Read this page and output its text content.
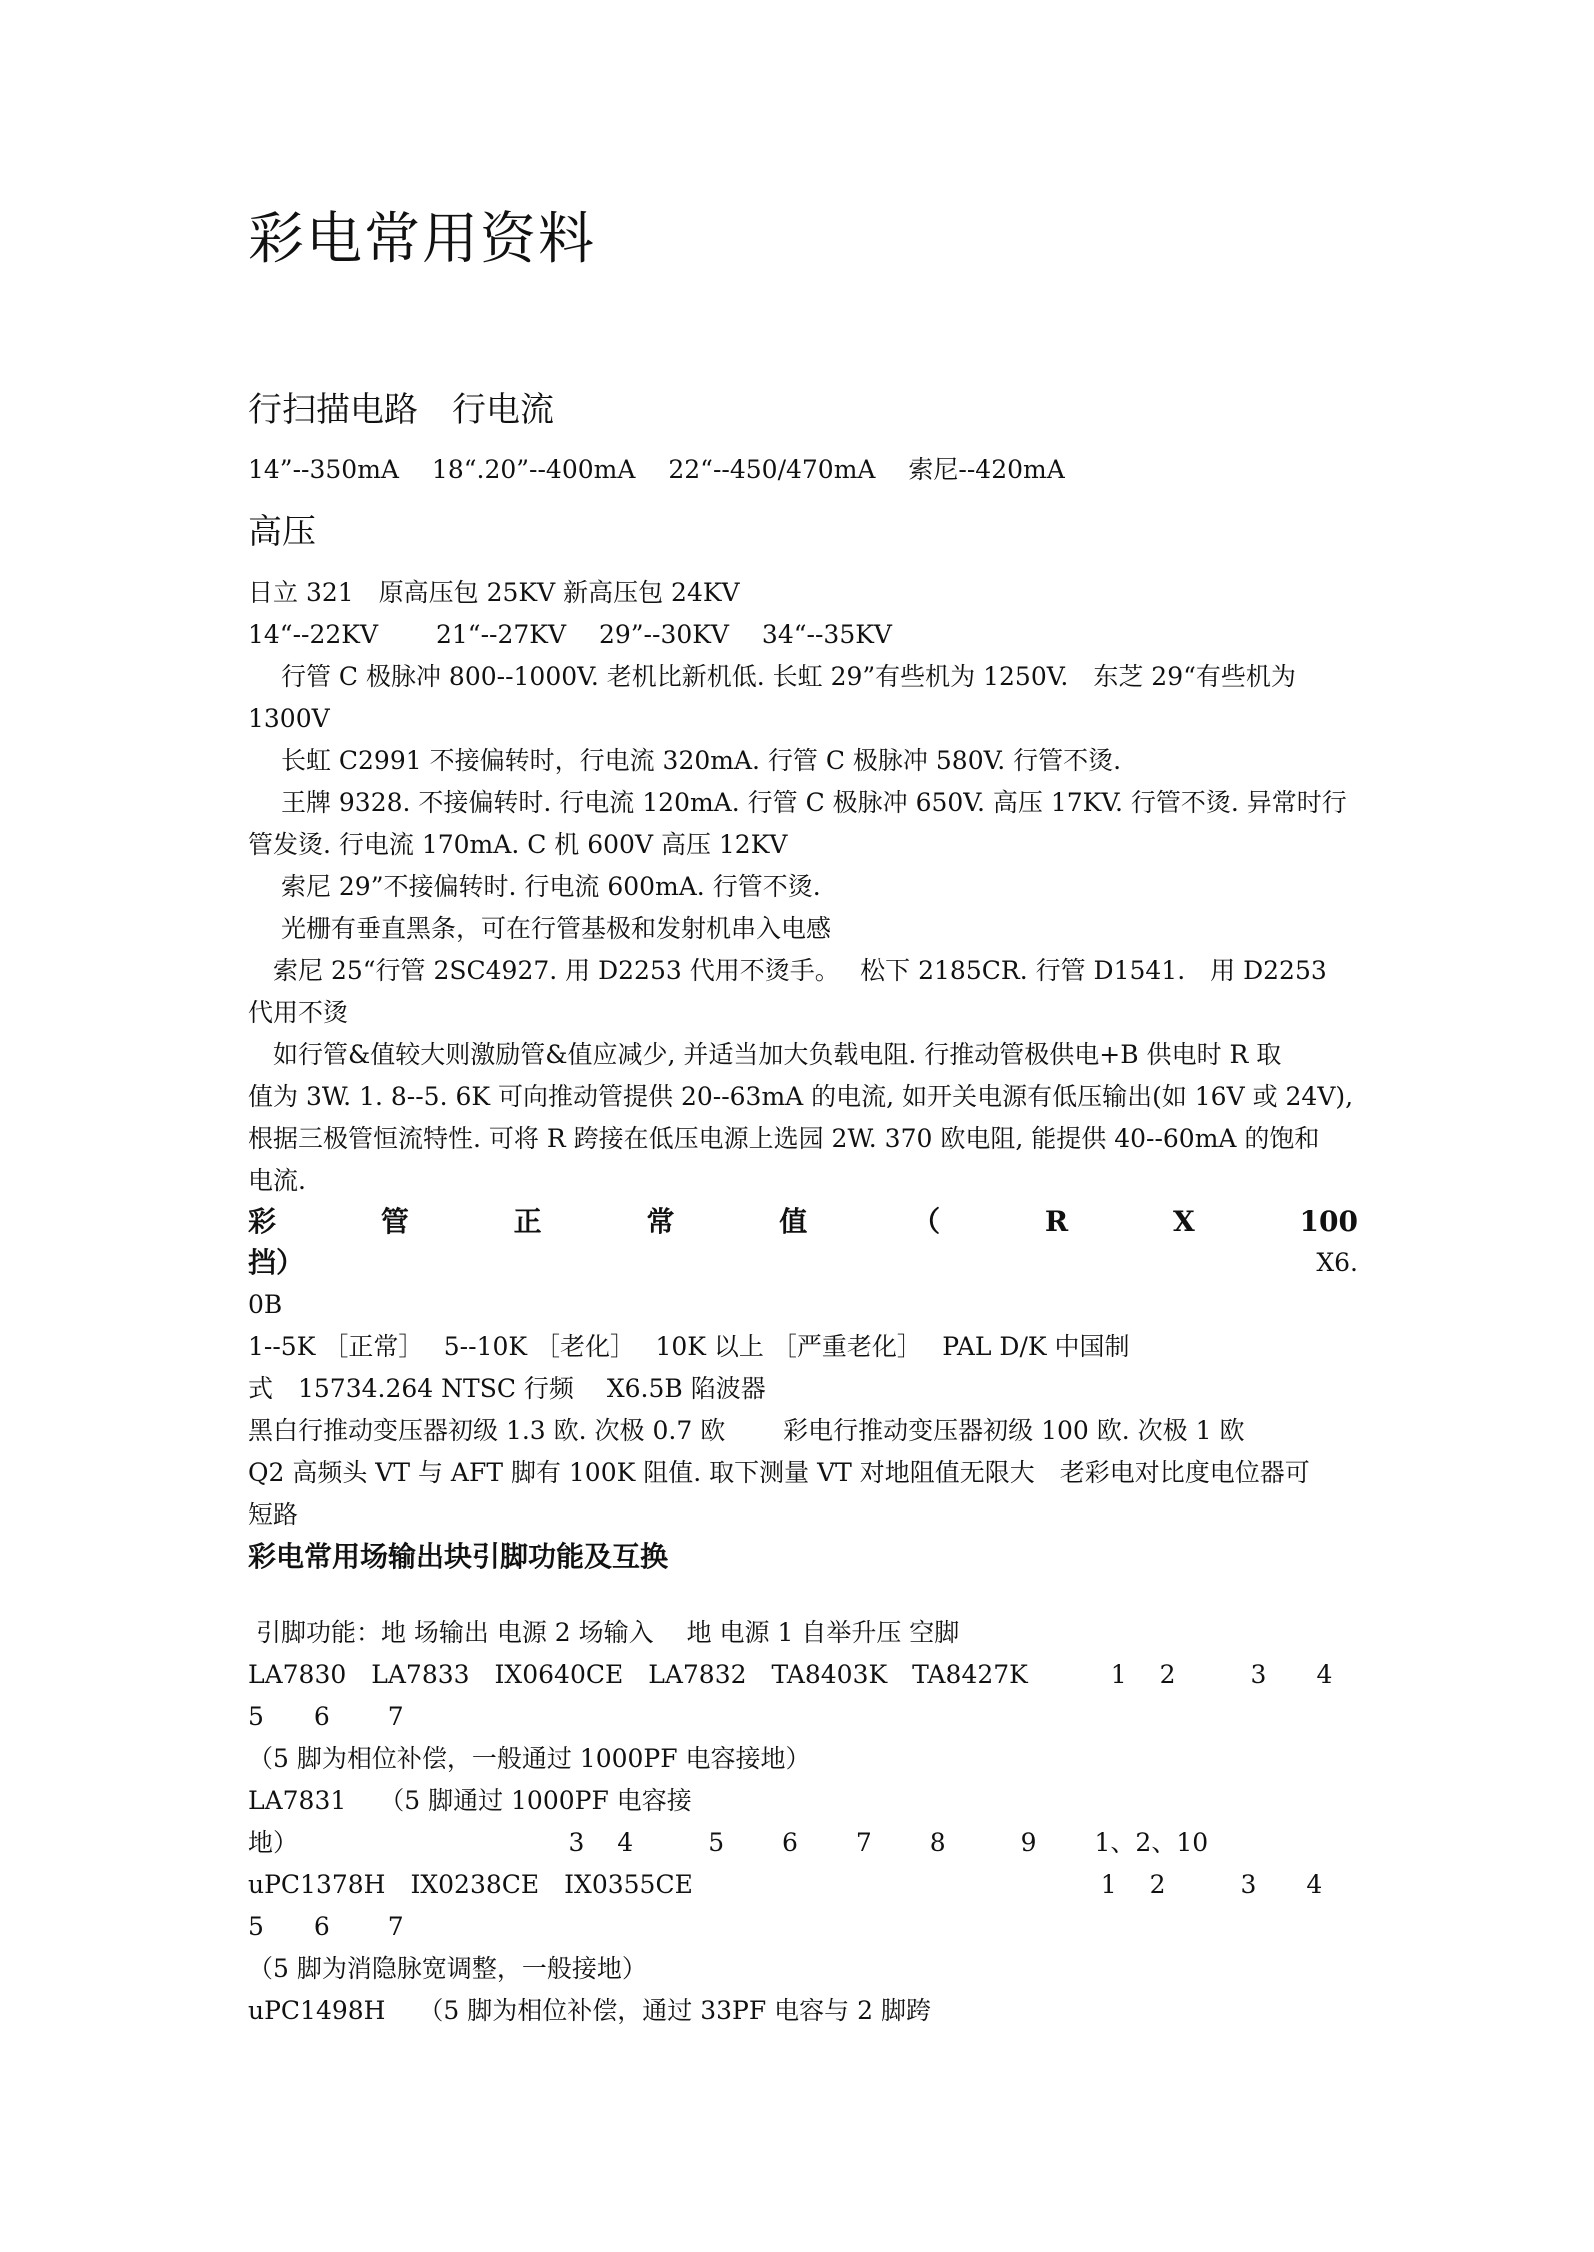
彩电常用资料
行扫描电路　行电流
14”--350mA　 18“.20”--400mA　 22“--450/470mA　 索尼--420mA
高压
日立 321　原高压包 25KV 新高压包 24KV
14“--22KV　　 21“--27KV　 29”--30KV　 34“--35KV
　 行管 C 极脉冲 800--1000V. 老机比新机低. 长虹 29”有些机为 1250V.　东芝 29“有些机为
1300V
　 长虹 C2991 不接偏转时，行电流 320mA. 行管 C 极脉冲 580V. 行管不烫.
　 王牌 9328. 不接偏转时. 行电流 120mA. 行管 C 极脉冲 650V. 高压 17KV. 行管不烫. 异常时行
管发烫. 行电流 170mA. C 机 600V 高压 12KV
　 索尼 29”不接偏转时. 行电流 600mA. 行管不烫.
　 光栅有垂直黑条，可在行管基极和发射机串入电感
　索尼 25“行管 2SC4927. 用 D2253 代用不烫手。　 松下 2185CR. 行管 D1541.　用 D2253
代用不烫
　如行管&值较大则激励管&值应减少, 并适当加大负载电阻. 行推动管极供电+B 供电时 R 取
值为 3W. 1. 8--5. 6K 可向推动管提供 20--63mA 的电流, 如开关电源有低压输出(如 16V 或 24V),
根据三极管恒流特性. 可将 R 跨接在低压电源上选园 2W. 370 欧电阻, 能提供 40--60mA 的饱和
电流.
彩	管	正	常	值	（	R	X	100
挡）	X6.
0B
1--5K ［正常］　 5--10K ［老化］　 10K 以上 ［严重老化］　 PAL D/K 中国制
式　15734.264 NTSC 行频　 X6.5B 陷波器
黑白行推动变压器初级 1.3 欧. 次极 0.7 欧　　 彩电行推动变压器初级 100 欧. 次极 1 欧
Q2 高频头 VT 与 AFT 脚有 100K 阻值. 取下测量 VT 对地阻值无限大　老彩电对比度电位器可
短路
彩电常用场输出块引脚功能及互换
引脚功能：地 场输出 电源 2 场输入　 地 电源 1 自举升压 空脚
LA7830　LA7833　IX0640CE　LA7832　TA8403K　TA8427K　　　 1　 2　　　3　　4
5　　6　　 7
（5 脚为相位补偿，一般通过 1000PF 电容接地）
LA7831　 （5 脚通过 1000PF 电容接
地）　　　　　　　　　　　 3　 4　　　5　　 6　　 7　　 8　　　9　　 1、2、10
uPC1378H　IX0238CE　IX0355CE　　　　　　　　　　　　　　　　 1　 2　　　3　　4
5　　6　　 7
（5 脚为消隐脉宽调整，一般接地）
uPC1498H　 （5 脚为相位补偿，通过 33PF 电容与 2 脚跨
